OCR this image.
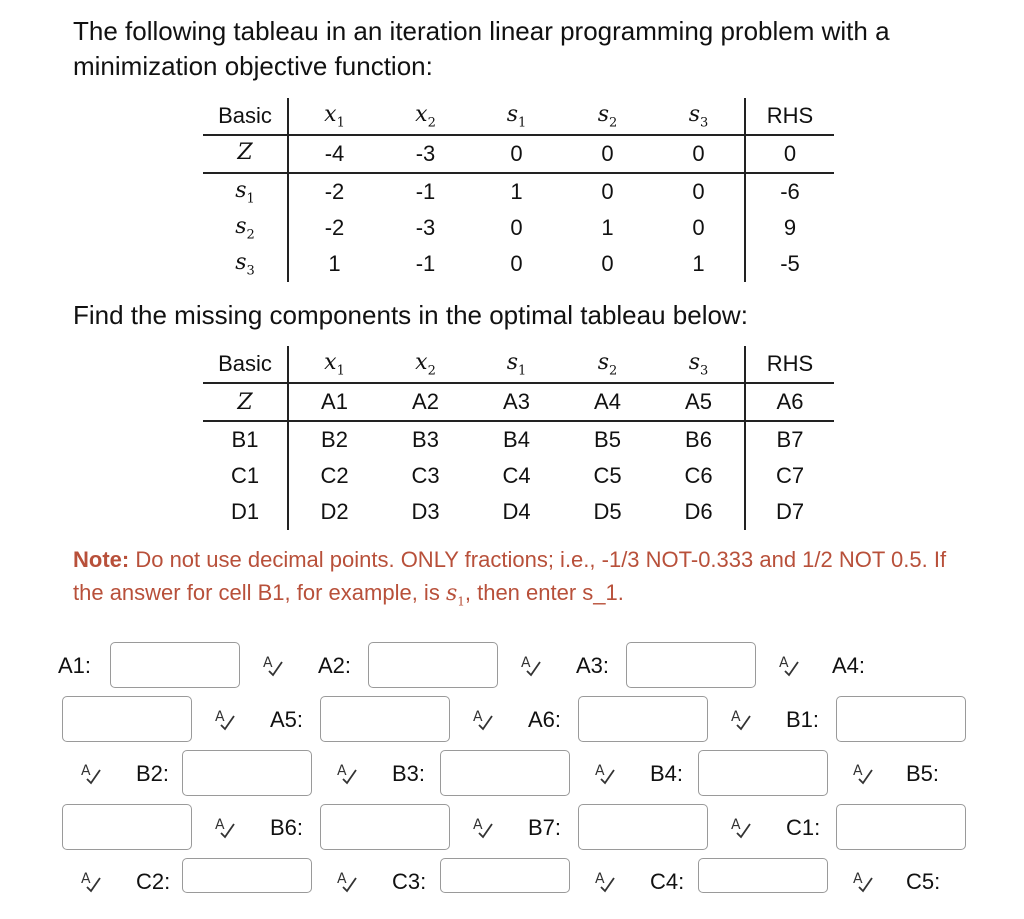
The following tableau in an iteration linear programming problem with a minimization objective function:

Basic	$x_1$	$x_2$	$s_1$	$s_2$	$s_3$	RHS
Z	-4	-3	0	0	0	0
$s_1$	-2	-1	1	0	0	-6
$s_2$	-2	-3	0	1	0	9
$s_3$	1	-1	0	0	1	-5

Find the missing components in the optimal tableau below:

Basic	$x_1$	$x_2$	$s_1$	$s_2$	$s_3$	RHS
Z	A1	A2	A3	A4	A5	A6
B1	B2	B3	B4	B5	B6	B7
C1	C2	C3	C4	C5	C6	C7
D1	D2	D3	D4	D5	D6	D7

Note: Do not use decimal points. ONLY fractions; i.e., -1/3 NOT-0.333 and 1/2 NOT 0.5. If the answer for cell B1, for example, is $s_1$, then enter s_1.

A1:	A A2:	A A3:	A A4:
A A5:	A A6:	A B1:
A B2:	A B3:	A B4:	A B5:
A B6:	A B7:	A C1:
A C2:	A C3:	A C4:	A C5:
